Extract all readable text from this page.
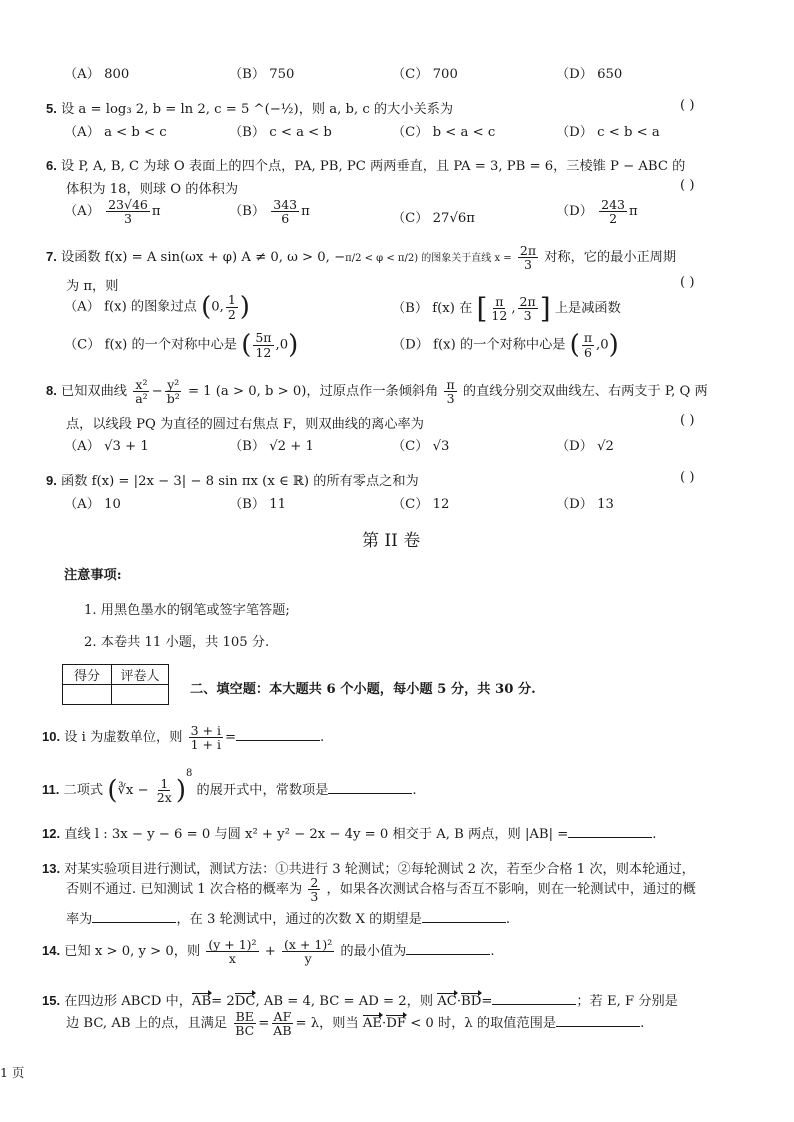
（A） 800	（B） 750	（C） 700	（D） 650
5. 设 a = log₃ 2, b = ln 2, c = 5 ^(−½)，则 a, b, c 的大小关系为	( )
（A） a < b < c	（B） c < a < b	（C） b < a < c	（D） c < b < a
6. 设 P, A, B, C 为球 O 表面上的四个点，PA, PB, PC 两两垂直，且 PA = 3, PB = 6，三棱锥 P − ABC 的
体积为 18，则球 O 的体积为	( )
$(A) \frac{23√46}{3}$ π	$(B) \frac{343}{6}$ π	（C） 27√6π	$(D) \frac{243}{2}$ π
7. 设函数 f(x) = A sin(ωx + φ) A ≠ 0, ω > 0, −π/2 < φ < π/2) 的图象关于直线 $x = \frac{2\pi}{3}$ 对称，它的最小正周期
为 π，则	( )
（A） f(x) 的图象过点 (0, $\frac{1}{2}$ )	（B） f(x) 在 [ $\frac{\pi}{12}$ , $\frac{2\pi}{3}$ ] 上是减函数
（C） f(x) 的一个对称中心是 ( $\frac{5\pi}{12} ,0$)	（D） f(x) 的一个对称中心是 ( $\frac{\pi}{6} ,0$)
8. 已知双曲线 $\frac{\text{x²}}{\text{a²}} - \frac{\text{y²}}{\text{b²}} = 1$ (a > 0, b > 0)，过原点作一条倾斜角 $\frac{\pi}{3}$ 的直线分别交双曲线左、右两支于 P, Q 两
点，以线段 PQ 为直径的圆过右焦点 F，则双曲线的离心率为	( )
（A） √3 + 1	（B） √2 + 1	（C） √3	（D） √2
9. 函数 f(x) = |2x − 3| − 8 sin πx (x ∈ ℝ) 的所有零点之和为	( )
（A） 10	（B） 11	（C） 12	（D） 13
第 II 卷
注意事项:
1. 用黑色墨水的钢笔或签字笔答题;
2. 本卷共 11 小题，共 105 分.
得分	评卷人

二、填空题：本大题共 6 个小题，每小题 5 分，共 30 分.
10. 设 i 为虚数单位，则 $\frac{3 + i}{1 + i}$ =	.
11. 二项式 (∛x − $\frac{1}{2x} )^8$ 的展开式中，常数项是	.
12. 直线 l : 3x − y − 6 = 0 与圆 x² + y² − 2x − 4y = 0 相交于 A, B 两点，则 |AB| =	.
13. 对某实验项目进行测试，测试方法：①共进行 3 轮测试；②每轮测试 2 次，若至少合格 1 次，则本轮通过，
否则不通过. 已知测试 1 次合格的概率为 $\frac{2}{3}$ ，如果各次测试合格与否互不影响，则在一轮测试中，通过的概
率为	，在 3 轮测试中，通过的次数 X 的期望是	.
14. 已知 x > 0, y > 0，则 $\frac{\text{(y + 1)²}}{x} + \frac{\text{(x + 1)²}}{y}$ 的最小值为	.
15. 在四边形 ABCD 中，AB= 2DC, AB = 4, BC = AD = 2，则 AC·BD=	；若 E, F 分别是
边 BC, AB 上的点，且满足 $\frac{BE}{BC} = \frac{AF}{AB} = \lambda$，则当 AE·DF < 0 时，λ 的取值范围是	.
1 页
